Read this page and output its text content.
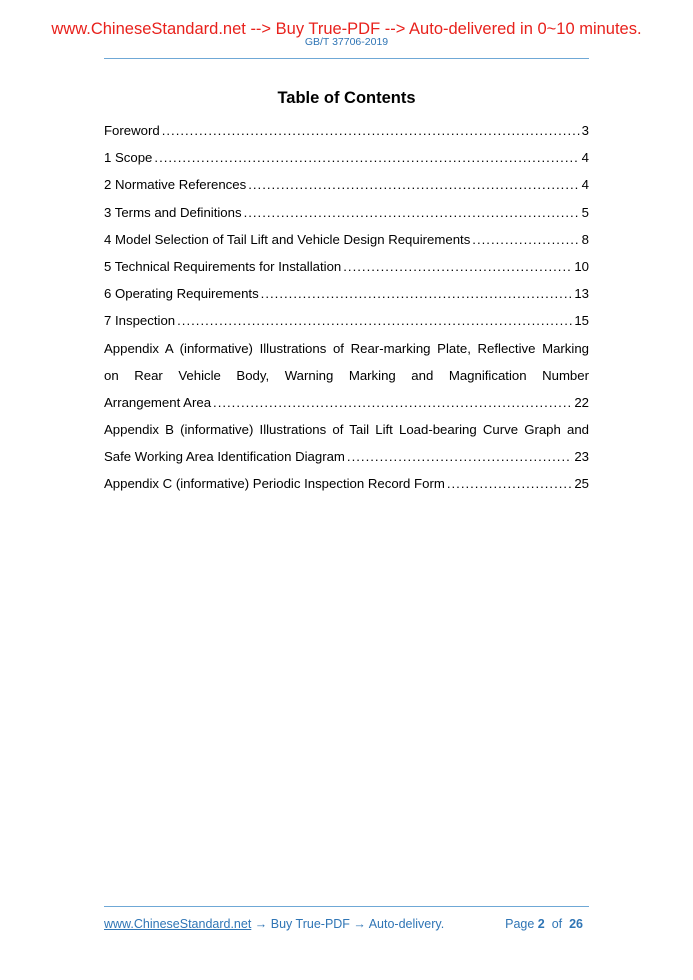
www.ChineseStandard.net --> Buy True-PDF --> Auto-delivered in 0~10 minutes.
GB/T 37706-2019
Table of Contents
Foreword .....	3
1 Scope .....	4
2 Normative References .....	4
3 Terms and Definitions .....	5
4 Model Selection of Tail Lift and Vehicle Design Requirements .....	8
5 Technical Requirements for Installation .....	10
6 Operating Requirements .....	13
7 Inspection .....	15
Appendix A (informative) Illustrations of Rear-marking Plate, Reflective Marking
on Rear Vehicle Body, Warning Marking and Magnification Number
Arrangement Area .....	22
Appendix B (informative) Illustrations of Tail Lift Load-bearing Curve Graph and
Safe Working Area Identification Diagram .....	23
Appendix C (informative) Periodic Inspection Record Form .....	25
www.ChineseStandard.net → Buy True-PDF → Auto-delivery.	Page 2 of 26
